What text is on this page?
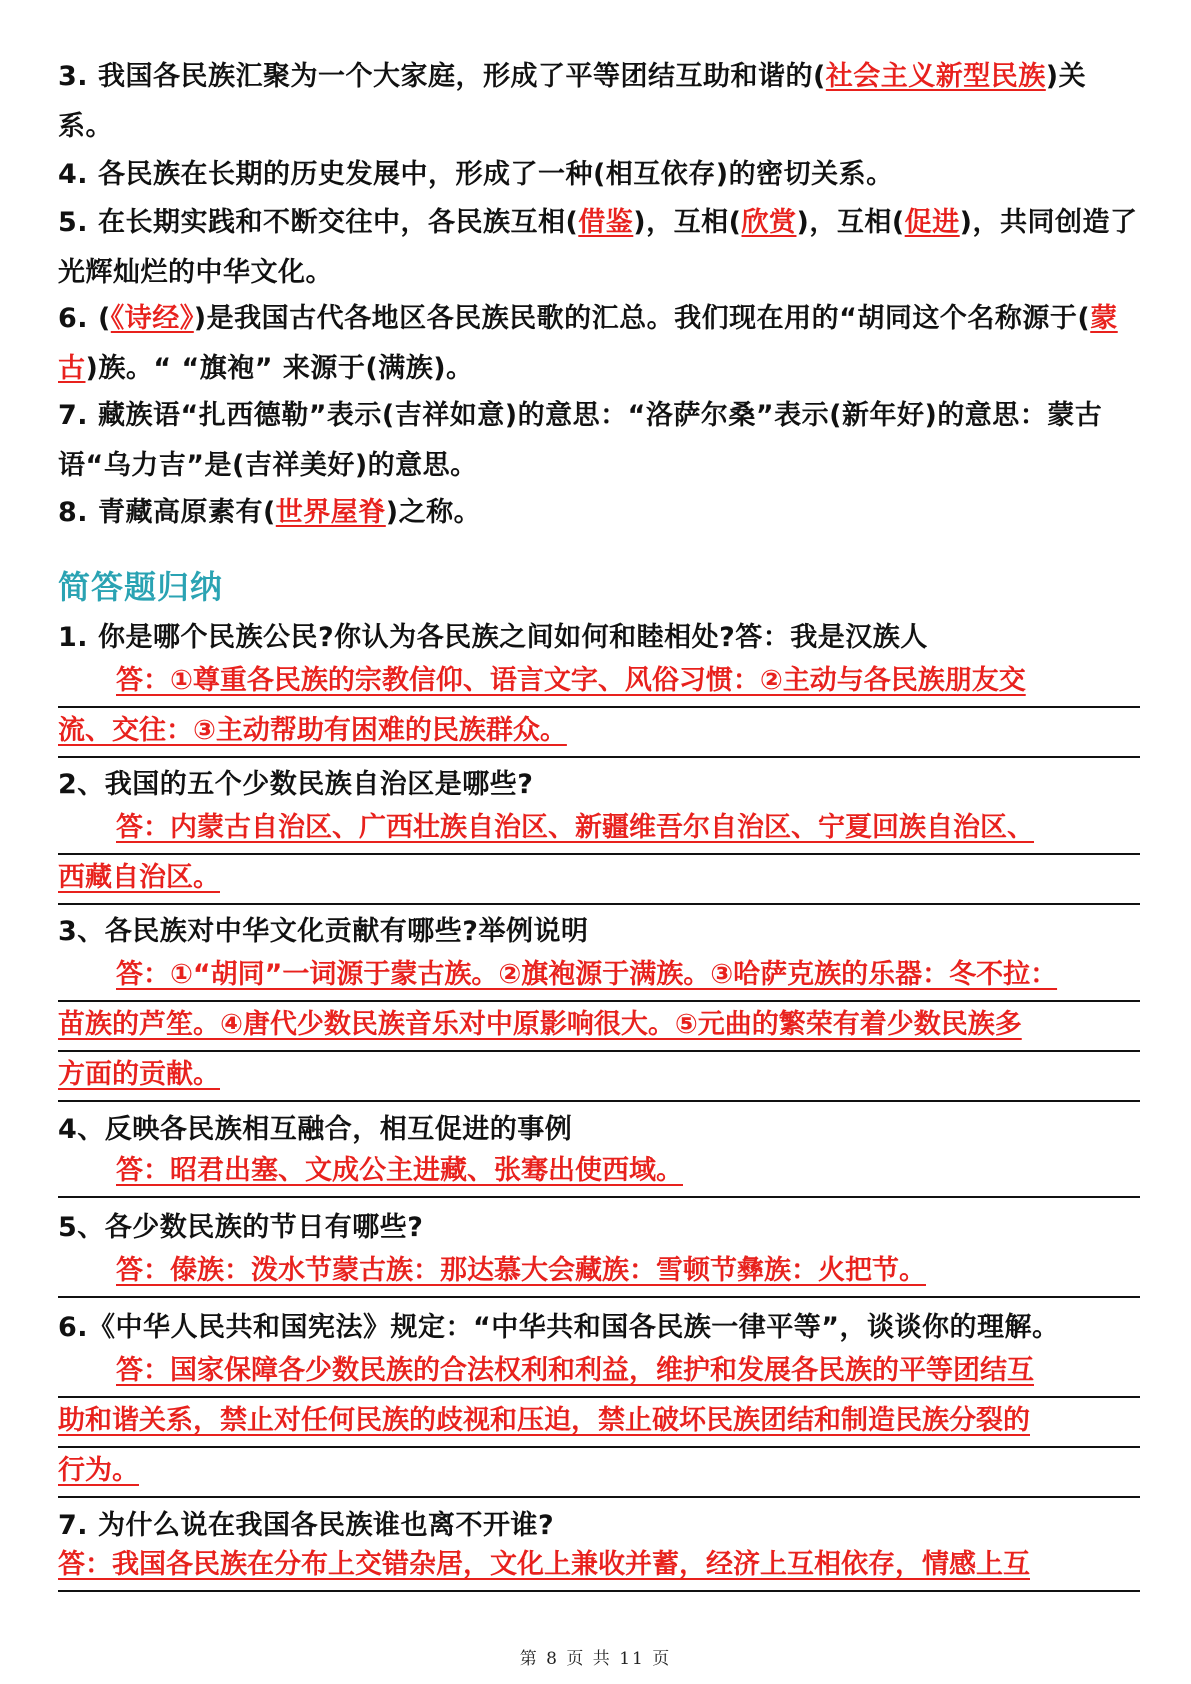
3. 我国各民族汇聚为一个大家庭，形成了平等团结互助和谐的(社会主义新型民族)关系。

4. 各民族在长期的历史发展中，形成了一种(相互依存)的密切关系。

5. 在长期实践和不断交往中，各民族互相(借鉴)，互相(欣赏)，互相(促进)，共同创造了光辉灿烂的中华文化。

6. (《诗经》)是我国古代各地区各民族民歌的汇总。我们现在用的“胡同这个名称源于(蒙古)族。“ “旗袍” 来源于(满族)。

7. 藏族语“扎西德勒”表示(吉祥如意)的意思：“洛萨尔桑”表示(新年好)的意思：蒙古语“乌力吉”是(吉祥美好)的意思。

8. 青藏高原素有(世界屋脊)之称。

简答题归纳

1. 你是哪个民族公民?你认为各民族之间如何和睦相处?答：我是汉族人

答：①尊重各民族的宗教信仰、语言文字、风俗习惯：②主动与各民族朋友交
流、交往：③主动帮助有困难的民族群众。

2、我国的五个少数民族自治区是哪些?

答：内蒙古自治区、广西壮族自治区、新疆维吾尔自治区、宁夏回族自治区、
西藏自治区。

3、各民族对中华文化贡献有哪些?举例说明

答：①“胡同”一词源于蒙古族。②旗袍源于满族。③哈萨克族的乐器：冬不拉：
苗族的芦笙。④唐代少数民族音乐对中原影响很大。⑤元曲的繁荣有着少数民族多
方面的贡献。

4、反映各民族相互融合，相互促进的事例

答：昭君出塞、文成公主进藏、张骞出使西域。

5、各少数民族的节日有哪些?

答：傣族：泼水节蒙古族：那达慕大会藏族：雪顿节彝族：火把节。

6.《中华人民共和国宪法》规定：“中华共和国各民族一律平等”，谈谈你的理解。

答：国家保障各少数民族的合法权利和利益，维护和发展各民族的平等团结互
助和谐关系，禁止对任何民族的歧视和压迫，禁止破坏民族团结和制造民族分裂的
行为。

7. 为什么说在我国各民族谁也离不开谁?

答：我国各民族在分布上交错杂居，文化上兼收并蓄，经济上互相依存，情感上互
第 8 页 共 11 页
